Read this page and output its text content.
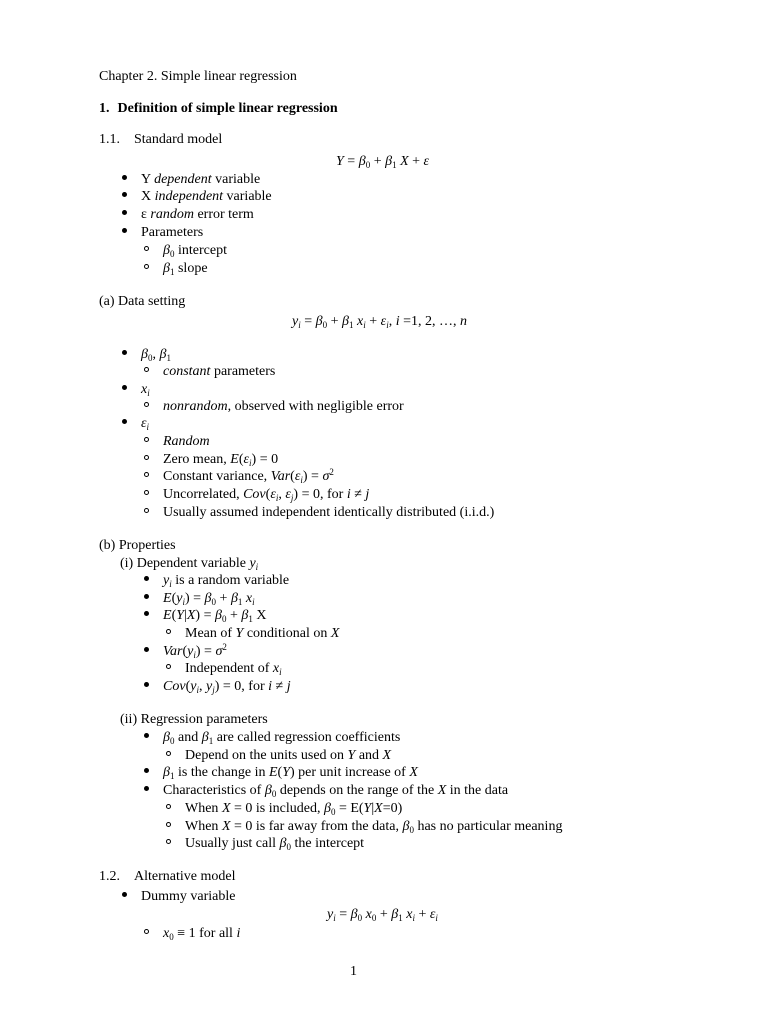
Chapter 2. Simple linear regression
1. Definition of simple linear regression
1.1. Standard model
$Y = \beta_0 + \beta_1$ X + ε
Y dependent variable
X independent variable
ε random error term
Parameters
$\beta_0$ intercept
$\beta_1$ slope
(a) Data setting
$y_i = \beta_0 + \beta_1$ $x_i + \varepsilon_i$, i =1, 2, …, n
$\beta_0$, $\beta_1$
constant parameters
$x_i$
nonrandom, observed with negligible error
$\varepsilon_i$
Random
Zero mean, $E(\varepsilon_i) = 0$
Constant variance, $Var(\varepsilon_i) = \sigma^2$
Uncorrelated, $Cov(\varepsilon_i$, $\varepsilon_j) = 0$, for i ≠ j
Usually assumed independent identically distributed (i.i.d.)
(b) Properties
(i) Dependent variable $y_i$
$y_i$ is a random variable
$E(y_i) = \beta_0 + \beta_1$ $x_i$
$E(Y|X) = \beta_0 + \beta_1$ X
Mean of Y conditional on X
$Var(y_i) = \sigma^2$
Independent of $x_i$
$Cov(y_i$, $y_j) = 0$, for i ≠ j
(ii) Regression parameters
$\beta_0$ and $\beta_1$ are called regression coefficients
Depend on the units used on Y and X
$\beta_1$ is the change in E(Y) per unit increase of X
Characteristics of $\beta_0$ depends on the range of the X in the data
When X = 0 is included, $\beta_0 = E(Y|X=0)$
When X = 0 is far away from the data, $\beta_0$ has no particular meaning
Usually just call $\beta_0$ the intercept
1.2. Alternative model
Dummy variable
$y_i = \beta_0$ $x_0 + \beta_1$ $x_i + \varepsilon_i$
$x_0 \equiv 1$ for all i
1
